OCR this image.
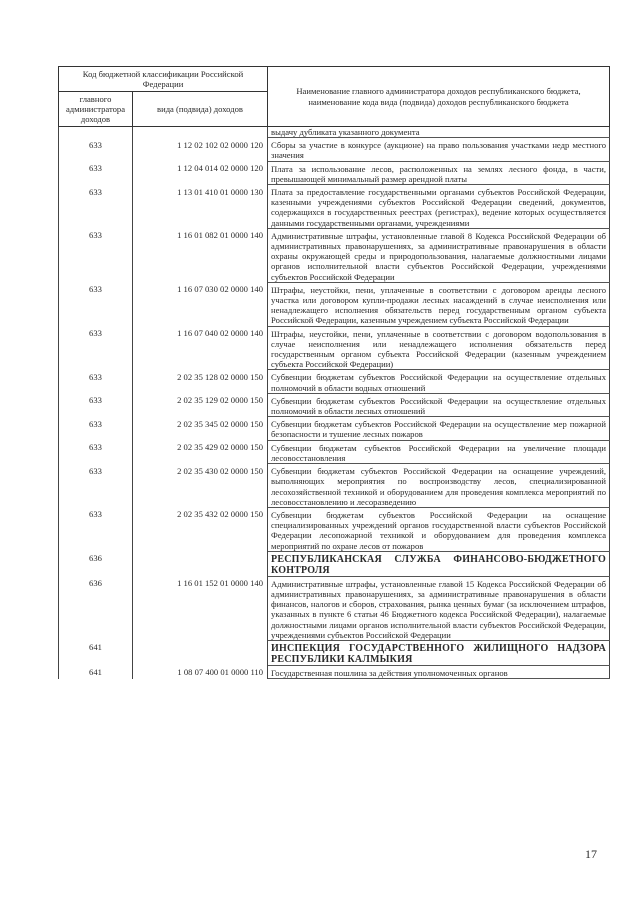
Код бюджетной классификации Российской Федерации		Наименование главного администратора доходов республиканского бюджета, наименование кода вида (подвида) доходов республиканского бюджета
главного администратора доходов	вида (подвида) доходов	
		выдачу дубликата указанного документа
633	1 12 02 102 02 0000 120	Сборы за участие в конкурсе (аукционе) на право пользования участками недр местного значения
633	1 12 04 014 02 0000 120	Плата за использование лесов, расположенных на землях лесного фонда, в части, превышающей минимальный размер арендной платы
633	1 13 01 410 01 0000 130	Плата за предоставление государственными органами субъектов Российской Федерации, казенными учреждениями субъектов Российской Федерации сведений, документов, содержащихся в государственных реестрах (регистрах), ведение которых осуществляется данными государственными органами, учреждениями
633	1 16 01 082 01 0000 140	Административные штрафы, установленные главой 8 Кодекса Российской Федерации об административных правонарушениях, за административные правонарушения в области охраны окружающей среды и природопользования, налагаемые должностными лицами органов исполнительной власти субъектов Российской Федерации, учреждениями субъектов Российской Федерации
633	1 16 07 030 02 0000 140	Штрафы, неустойки, пени, уплаченные в соответствии с договором аренды лесного участка или договором купли-продажи лесных насаждений в случае неисполнения или ненадлежащего исполнения обязательств перед государственным органом субъекта Российской Федерации, казенным учреждением субъекта Российской Федерации
633	1 16 07 040 02 0000 140	Штрафы, неустойки, пени, уплаченные в соответствии с договором водопользования в случае неисполнения или ненадлежащего исполнения обязательств перед государственным органом субъекта Российской Федерации (казенным учреждением субъекта Российской Федерации)
633	2 02 35 128 02 0000 150	Субвенции бюджетам субъектов Российской Федерации на осуществление отдельных полномочий в области водных отношений
633	2 02 35 129 02 0000 150	Субвенции бюджетам субъектов Российской Федерации на осуществление отдельных полномочий в области лесных отношений
633	2 02 35 345 02 0000 150	Субвенции бюджетам субъектов Российской Федерации на осуществление мер пожарной безопасности и тушение лесных пожаров
633	2 02 35 429 02 0000 150	Субвенции бюджетам субъектов Российской Федерации на увеличение площади лесовосстановления
633	2 02 35 430 02 0000 150	Субвенции бюджетам субъектов Российской Федерации на оснащение учреждений, выполняющих мероприятия по воспроизводству лесов, специализированной лесохозяйственной техникой и оборудованием для проведения комплекса мероприятий по лесовосстановлению и лесоразведению
633	2 02 35 432 02 0000 150	Субвенции бюджетам субъектов Российской Федерации на оснащение специализированных учреждений органов государственной власти субъектов Российской Федерации лесопожарной техникой и оборудованием для проведения комплекса мероприятий по охране лесов от пожаров
636		РЕСПУБЛИКАНСКАЯ СЛУЖБА ФИНАНСОВО-БЮДЖЕТНОГО КОНТРОЛЯ
636	1 16 01 152 01 0000 140	Административные штрафы, установленные главой 15 Кодекса Российской Федерации об административных правонарушениях, за административные правонарушения в области финансов, налогов и сборов, страхования, рынка ценных бумаг (за исключением штрафов, указанных в пункте 6 статьи 46 Бюджетного кодекса Российской Федерации), налагаемые должностными лицами органов исполнительной власти субъектов Российской Федерации, учреждениями субъектов Российской Федерации
641		ИНСПЕКЦИЯ ГОСУДАРСТВЕННОГО ЖИЛИЩНОГО НАДЗОРА РЕСПУБЛИКИ КАЛМЫКИЯ
641	1 08 07 400 01 0000 110	Государственная пошлина за действия уполномоченных органов
17
